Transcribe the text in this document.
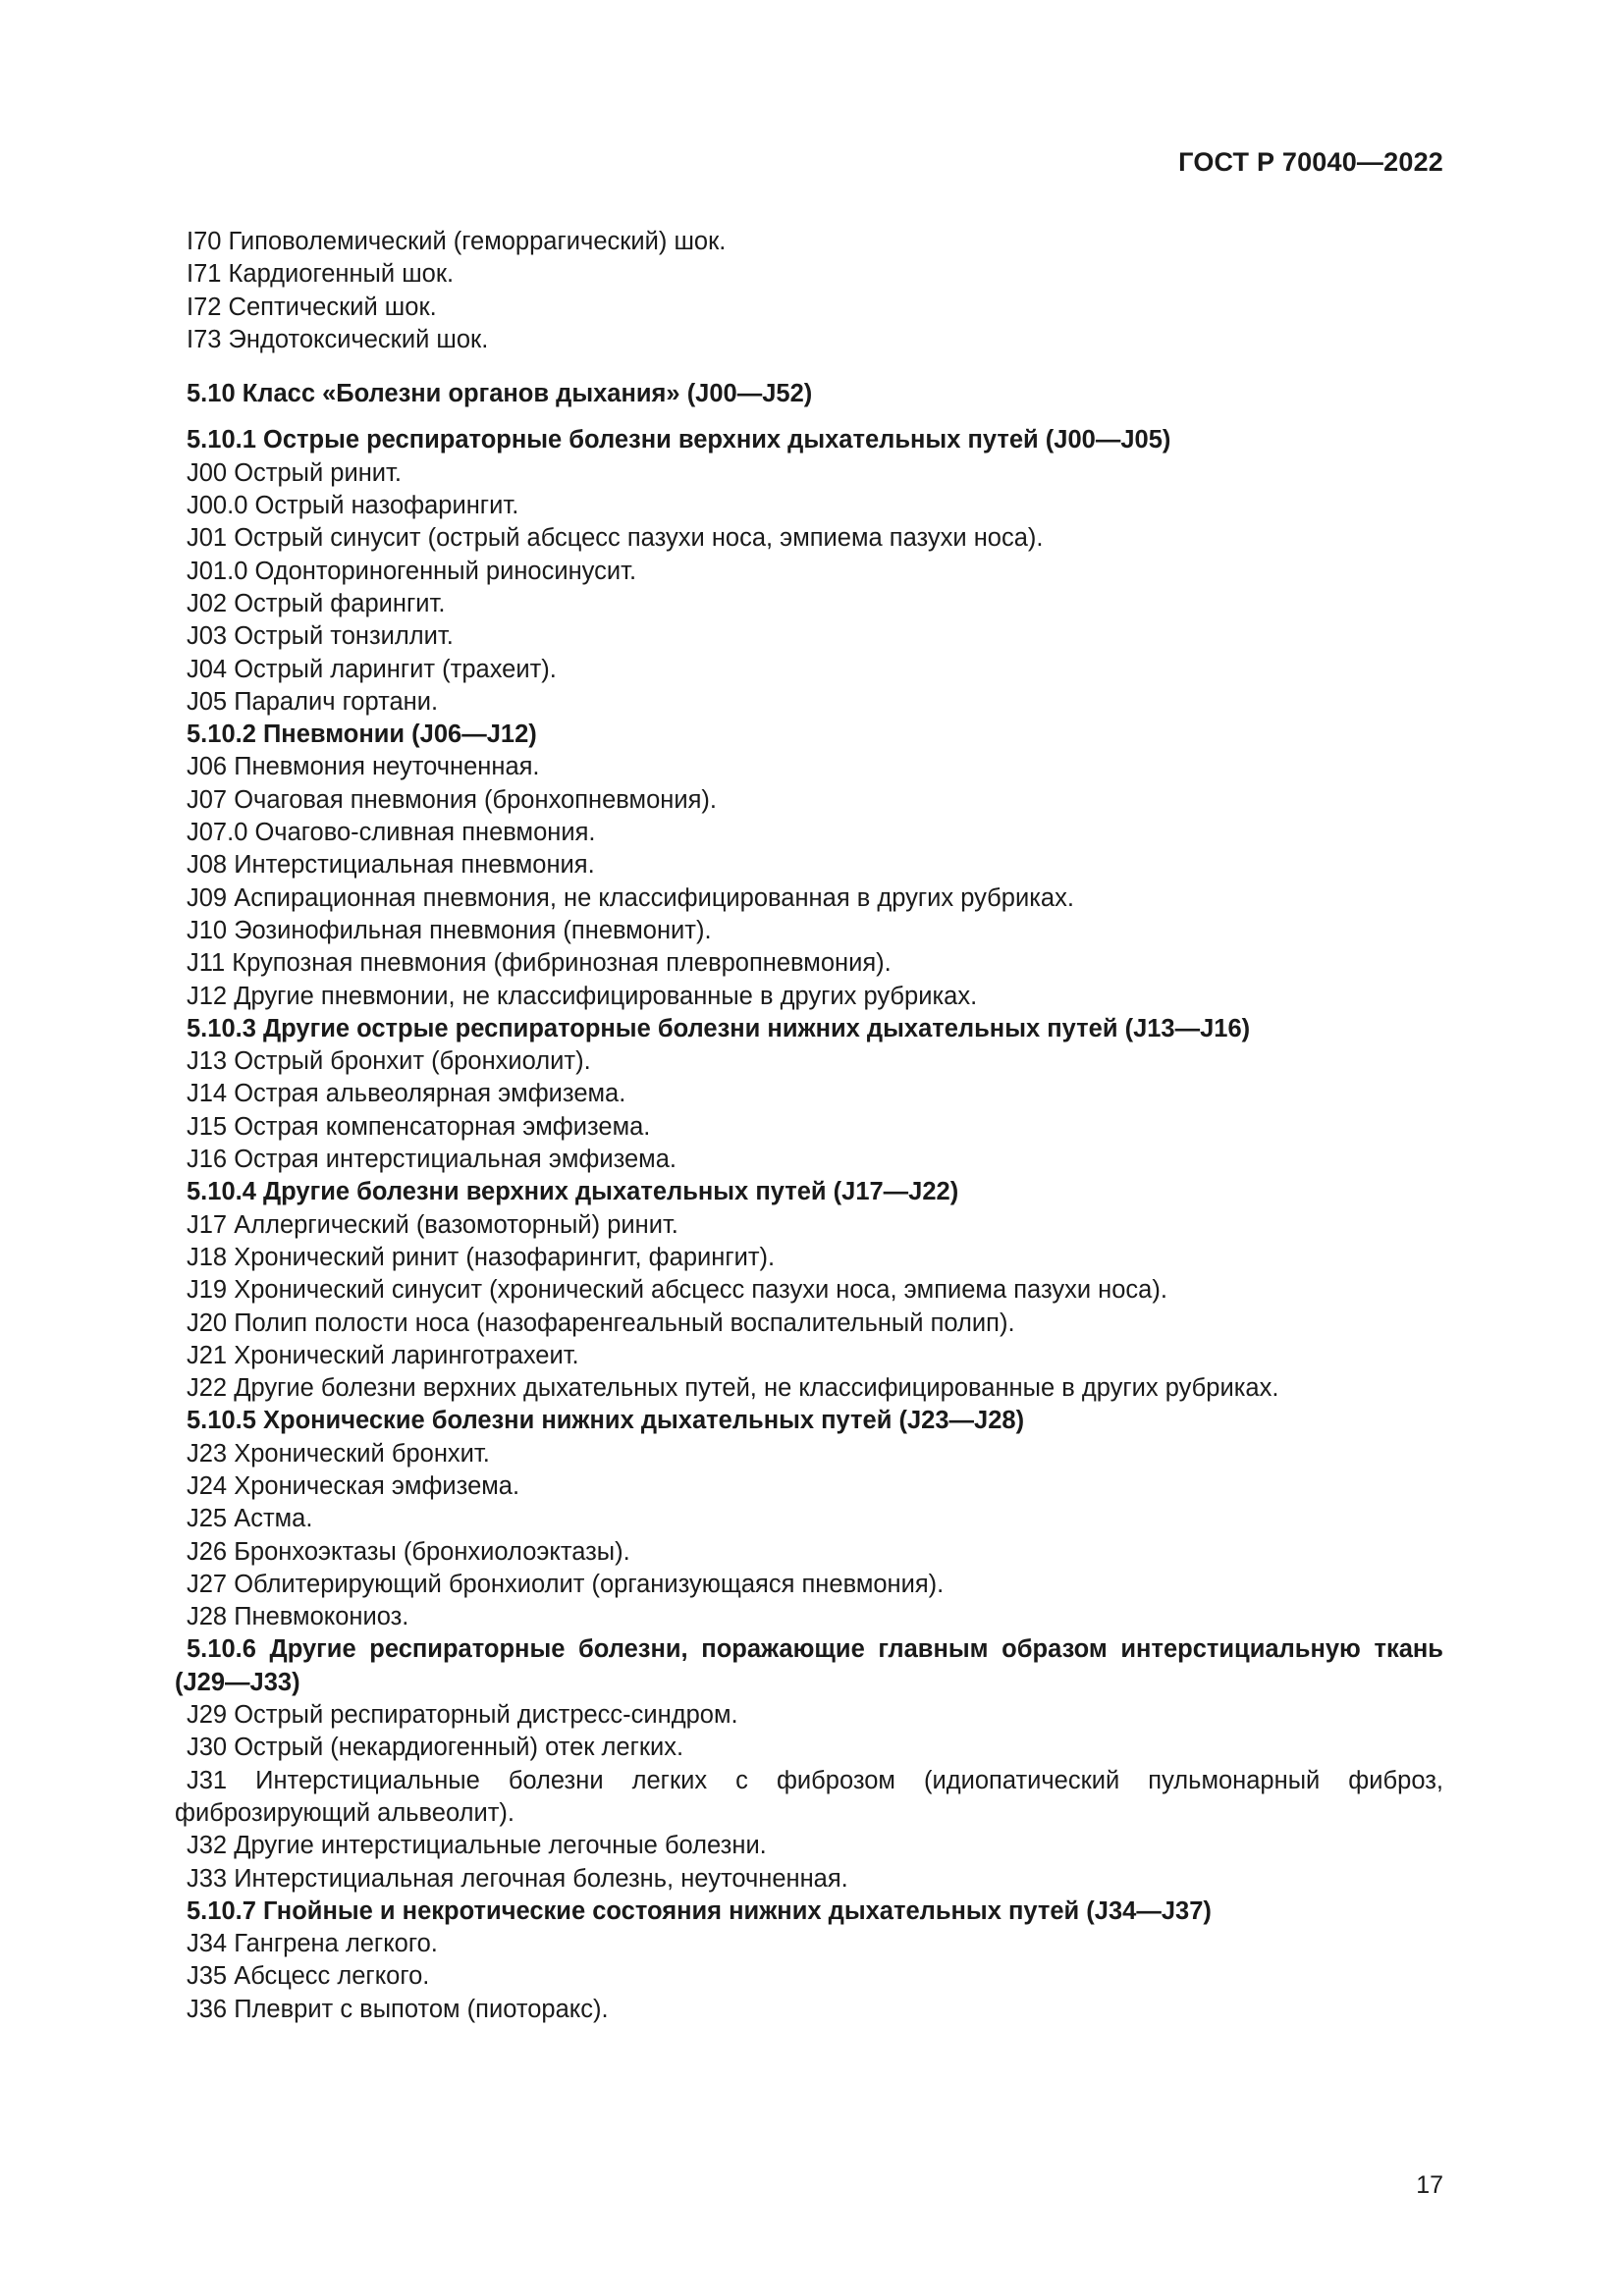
ГОСТ Р 70040—2022

I70 Гиповолемический (геморрагический) шок.

I71 Кардиогенный шок.

I72 Септический шок.

I73 Эндотоксический шок.

5.10 Класс «Болезни органов дыхания» (J00—J52)

5.10.1 Острые респираторные болезни верхних дыхательных путей (J00—J05)

J00 Острый ринит.

J00.0 Острый назофарингит.

J01 Острый синусит (острый абсцесс пазухи носа, эмпиема пазухи носа).

J01.0 Одонториногенный риносинусит.

J02 Острый фарингит.

J03 Острый тонзиллит.

J04 Острый ларингит (трахеит).

J05 Паралич гортани.

5.10.2 Пневмонии (J06—J12)

J06 Пневмония неуточненная.

J07 Очаговая пневмония (бронхопневмония).

J07.0 Очагово-сливная пневмония.

J08 Интерстициальная пневмония.

J09 Аспирационная пневмония, не классифицированная в других рубриках.

J10 Эозинофильная пневмония (пневмонит).

J11 Крупозная пневмония (фибринозная плевропневмония).

J12 Другие пневмонии, не классифицированные в других рубриках.

5.10.3 Другие острые респираторные болезни нижних дыхательных путей (J13—J16)

J13 Острый бронхит (бронхиолит).

J14 Острая альвеолярная эмфизема.

J15 Острая компенсаторная эмфизема.

J16 Острая интерстициальная эмфизема.

5.10.4 Другие болезни верхних дыхательных путей (J17—J22)

J17 Аллергический (вазомоторный) ринит.

J18 Хронический ринит (назофарингит, фарингит).

J19 Хронический синусит (хронический абсцесс пазухи носа, эмпиема пазухи носа).

J20 Полип полости носа (назофаренгеальный воспалительный полип).

J21 Хронический ларинготрахеит.

J22 Другие болезни верхних дыхательных путей, не классифицированные в других рубриках.

5.10.5 Хронические болезни нижних дыхательных путей (J23—J28)

J23 Хронический бронхит.

J24 Хроническая эмфизема.

J25 Астма.

J26 Бронхоэктазы (бронхиолоэктазы).

J27 Облитерирующий бронхиолит (организующаяся пневмония).

J28 Пневмокониоз.

5.10.6 Другие респираторные болезни, поражающие главным образом интерстициальную ткань (J29—J33)

J29 Острый респираторный дистресс-синдром.

J30 Острый (некардиогенный) отек легких.

J31 Интерстициальные болезни легких с фиброзом (идиопатический пульмонарный фиброз, фиброзирующий альвеолит).

J32 Другие интерстициальные легочные болезни.

J33 Интерстициальная легочная болезнь, неуточненная.

5.10.7 Гнойные и некротические состояния нижних дыхательных путей (J34—J37)

J34 Гангрена легкого.

J35 Абсцесс легкого.

J36 Плеврит с выпотом (пиоторакс).

17
